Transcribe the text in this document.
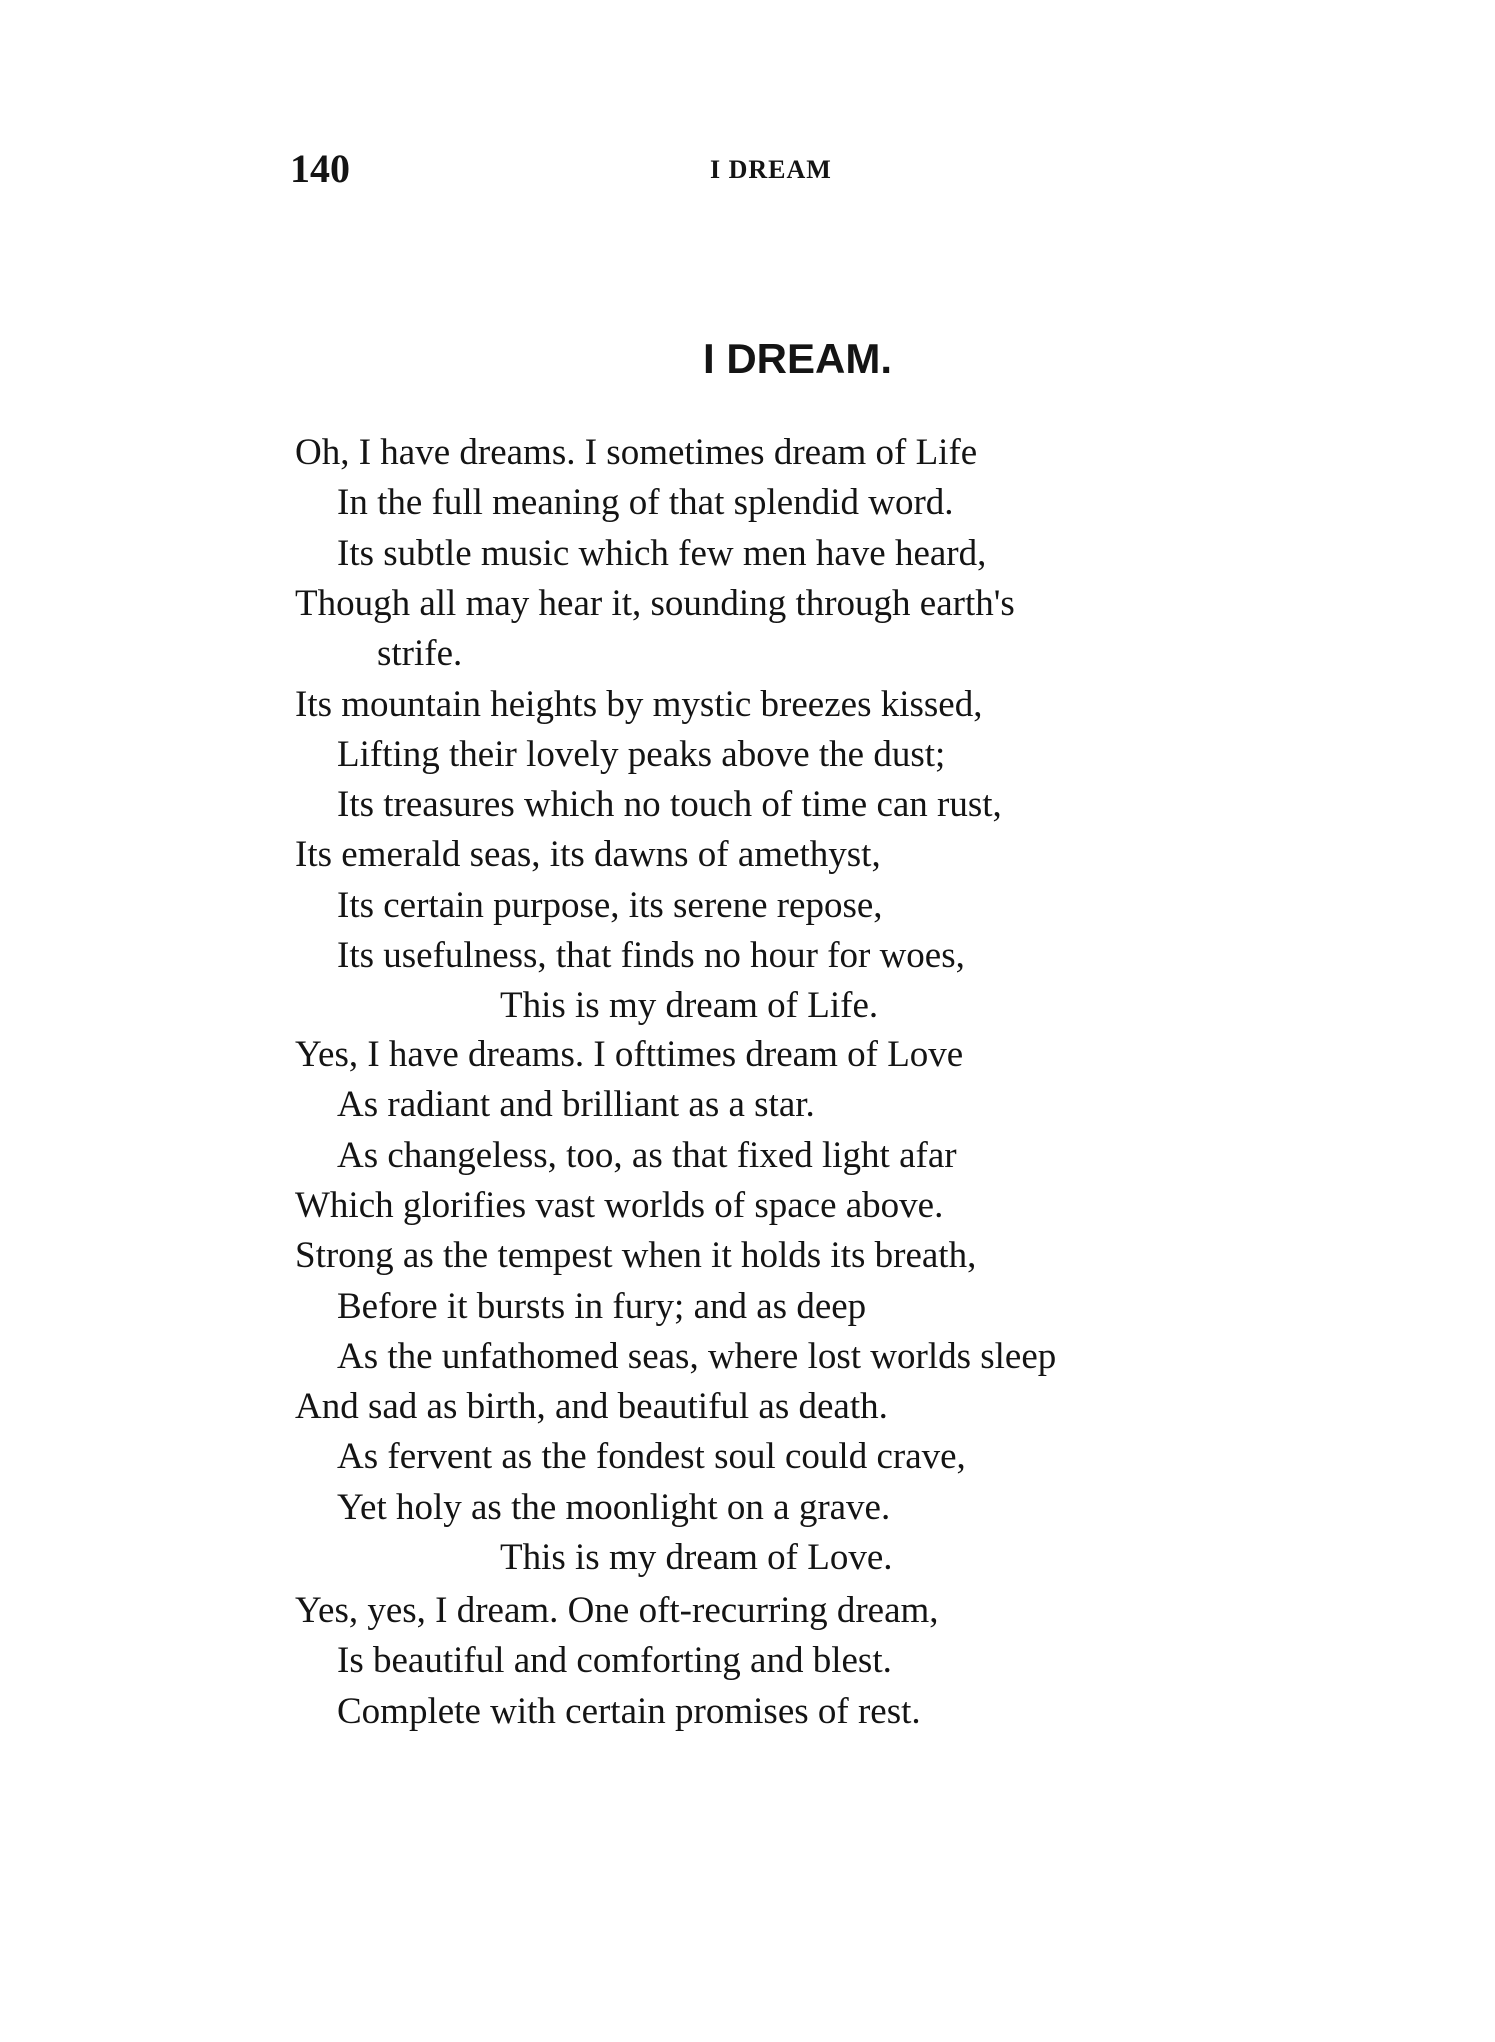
140	I DREAM
I DREAM.
Oh, I have dreams. I sometimes dream of Life
In the full meaning of that splendid word.
Its subtle music which few men have heard,
Though all may hear it, sounding through earth's
strife.
Its mountain heights by mystic breezes kissed,
Lifting their lovely peaks above the dust;
Its treasures which no touch of time can rust,
Its emerald seas, its dawns of amethyst,
Its certain purpose, its serene repose,
Its usefulness, that finds no hour for woes,
This is my dream of Life.
Yes, I have dreams. I ofttimes dream of Love
As radiant and brilliant as a star.
As changeless, too, as that fixed light afar
Which glorifies vast worlds of space above.
Strong as the tempest when it holds its breath,
Before it bursts in fury; and as deep
As the unfathomed seas, where lost worlds sleep
And sad as birth, and beautiful as death.
As fervent as the fondest soul could crave,
Yet holy as the moonlight on a grave.
This is my dream of Love.
Yes, yes, I dream. One oft-recurring dream,
Is beautiful and comforting and blest.
Complete with certain promises of rest.
